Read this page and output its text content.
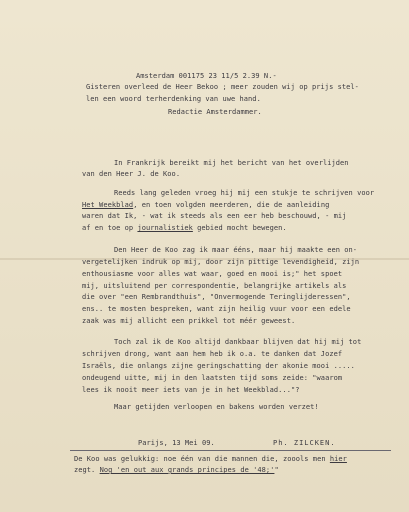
Amsterdam 001175 23 11/5 2.39 N.-
Gisteren overleed de Heer Bekoo ; meer zouden wij op prijs stel-
len een woord terherdenking van uwe hand.
Redactie Amsterdammer.
In Frankrijk bereikt mij het bericht van het overlijden
van den Heer J. de Koo.
Reeds lang geleden vroeg hij mij een stukje te schrijven voor
Het Weekblad, en toen volgden meerderen, die de aanleiding
waren dat Ik, - wat ik steeds als een eer heb beschouwd, - mij
af en toe op journalistiek gebied mocht bewegen.
Den Heer de Koo zag ik maar ééns, maar hij maakte een on-
vergetelijken indruk op mij, door zijn pittige levendigheid, zijn
enthousiasme voor alles wat waar, goed en mooi is;" het spoet
mij, uitsluitend per correspondentie, belangrijke artikels als
die over "een Rembrandthuis", "Onvermogende Teringlijderessen",
ens.. te mosten bespreken, want zijn heilig vuur voor een edele
zaak was mij allicht een prikkel tot méér geweest.
Toch zal ik de Koo altijd dankbaar blijven dat hij mij tot
schrijven drong, want aan hem heb ik o.a. te danken dat Jozef
Israëls, die onlangs zijne geringschatting der akonie mooi .....
ondeugend uitte, mij in den laatsten tijd soms zeide: "waarom
lees ik nooit meer iets van je in het Weekblad..."?
Maar getijden verloopen en bakens worden verzet!
Parijs, 13 Mei 09.	Ph. ZILCKEN.
De Koo was gelukkig: noe één van die mannen die, zoools men hier
zegt. Nog 'en out aux grands principes de '48;'"
